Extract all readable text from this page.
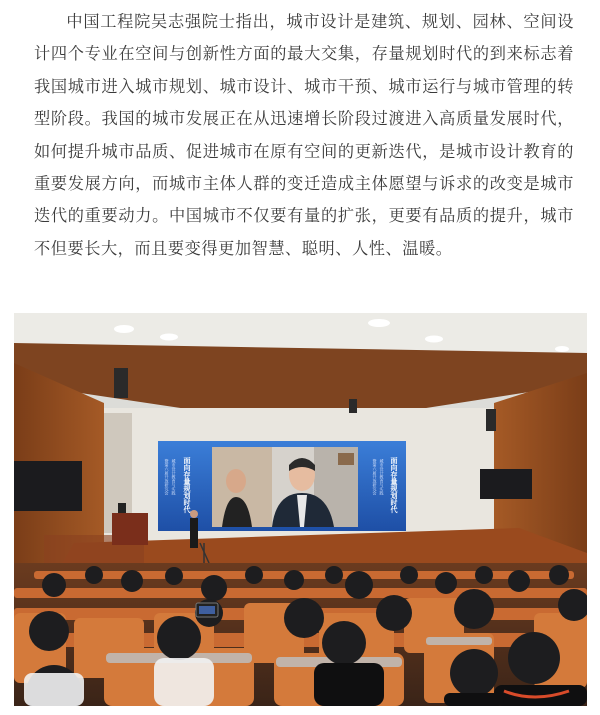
中国工程院吴志强院士指出，城市设计是建筑、规划、园林、空间设计四个专业在空间与创新性方面的最大交集，存量规划时代的到来标志着我国城市进入城市规划、城市设计、城市干预、城市运行与城市管理的转型阶段。我国的城市发展正在从迅速增长阶段过渡进入高质量发展时代，如何提升城市品质、促进城市在原有空间的更新迭代，是城市设计教育的重要发展方向，而城市主体人群的变迁造成主体愿望与诉求的改变是城市迭代的重要动力。中国城市不仅要有量的扩张，更要有品质的提升，城市不但要长大，而且要变得更加智慧、聪明、人性、温暖。

面向存量规划时代
城市设计教育与实践
暨第六届开放研究会	面向存量规划时代
城市设计教育与实践
暨第六届开放研究会
